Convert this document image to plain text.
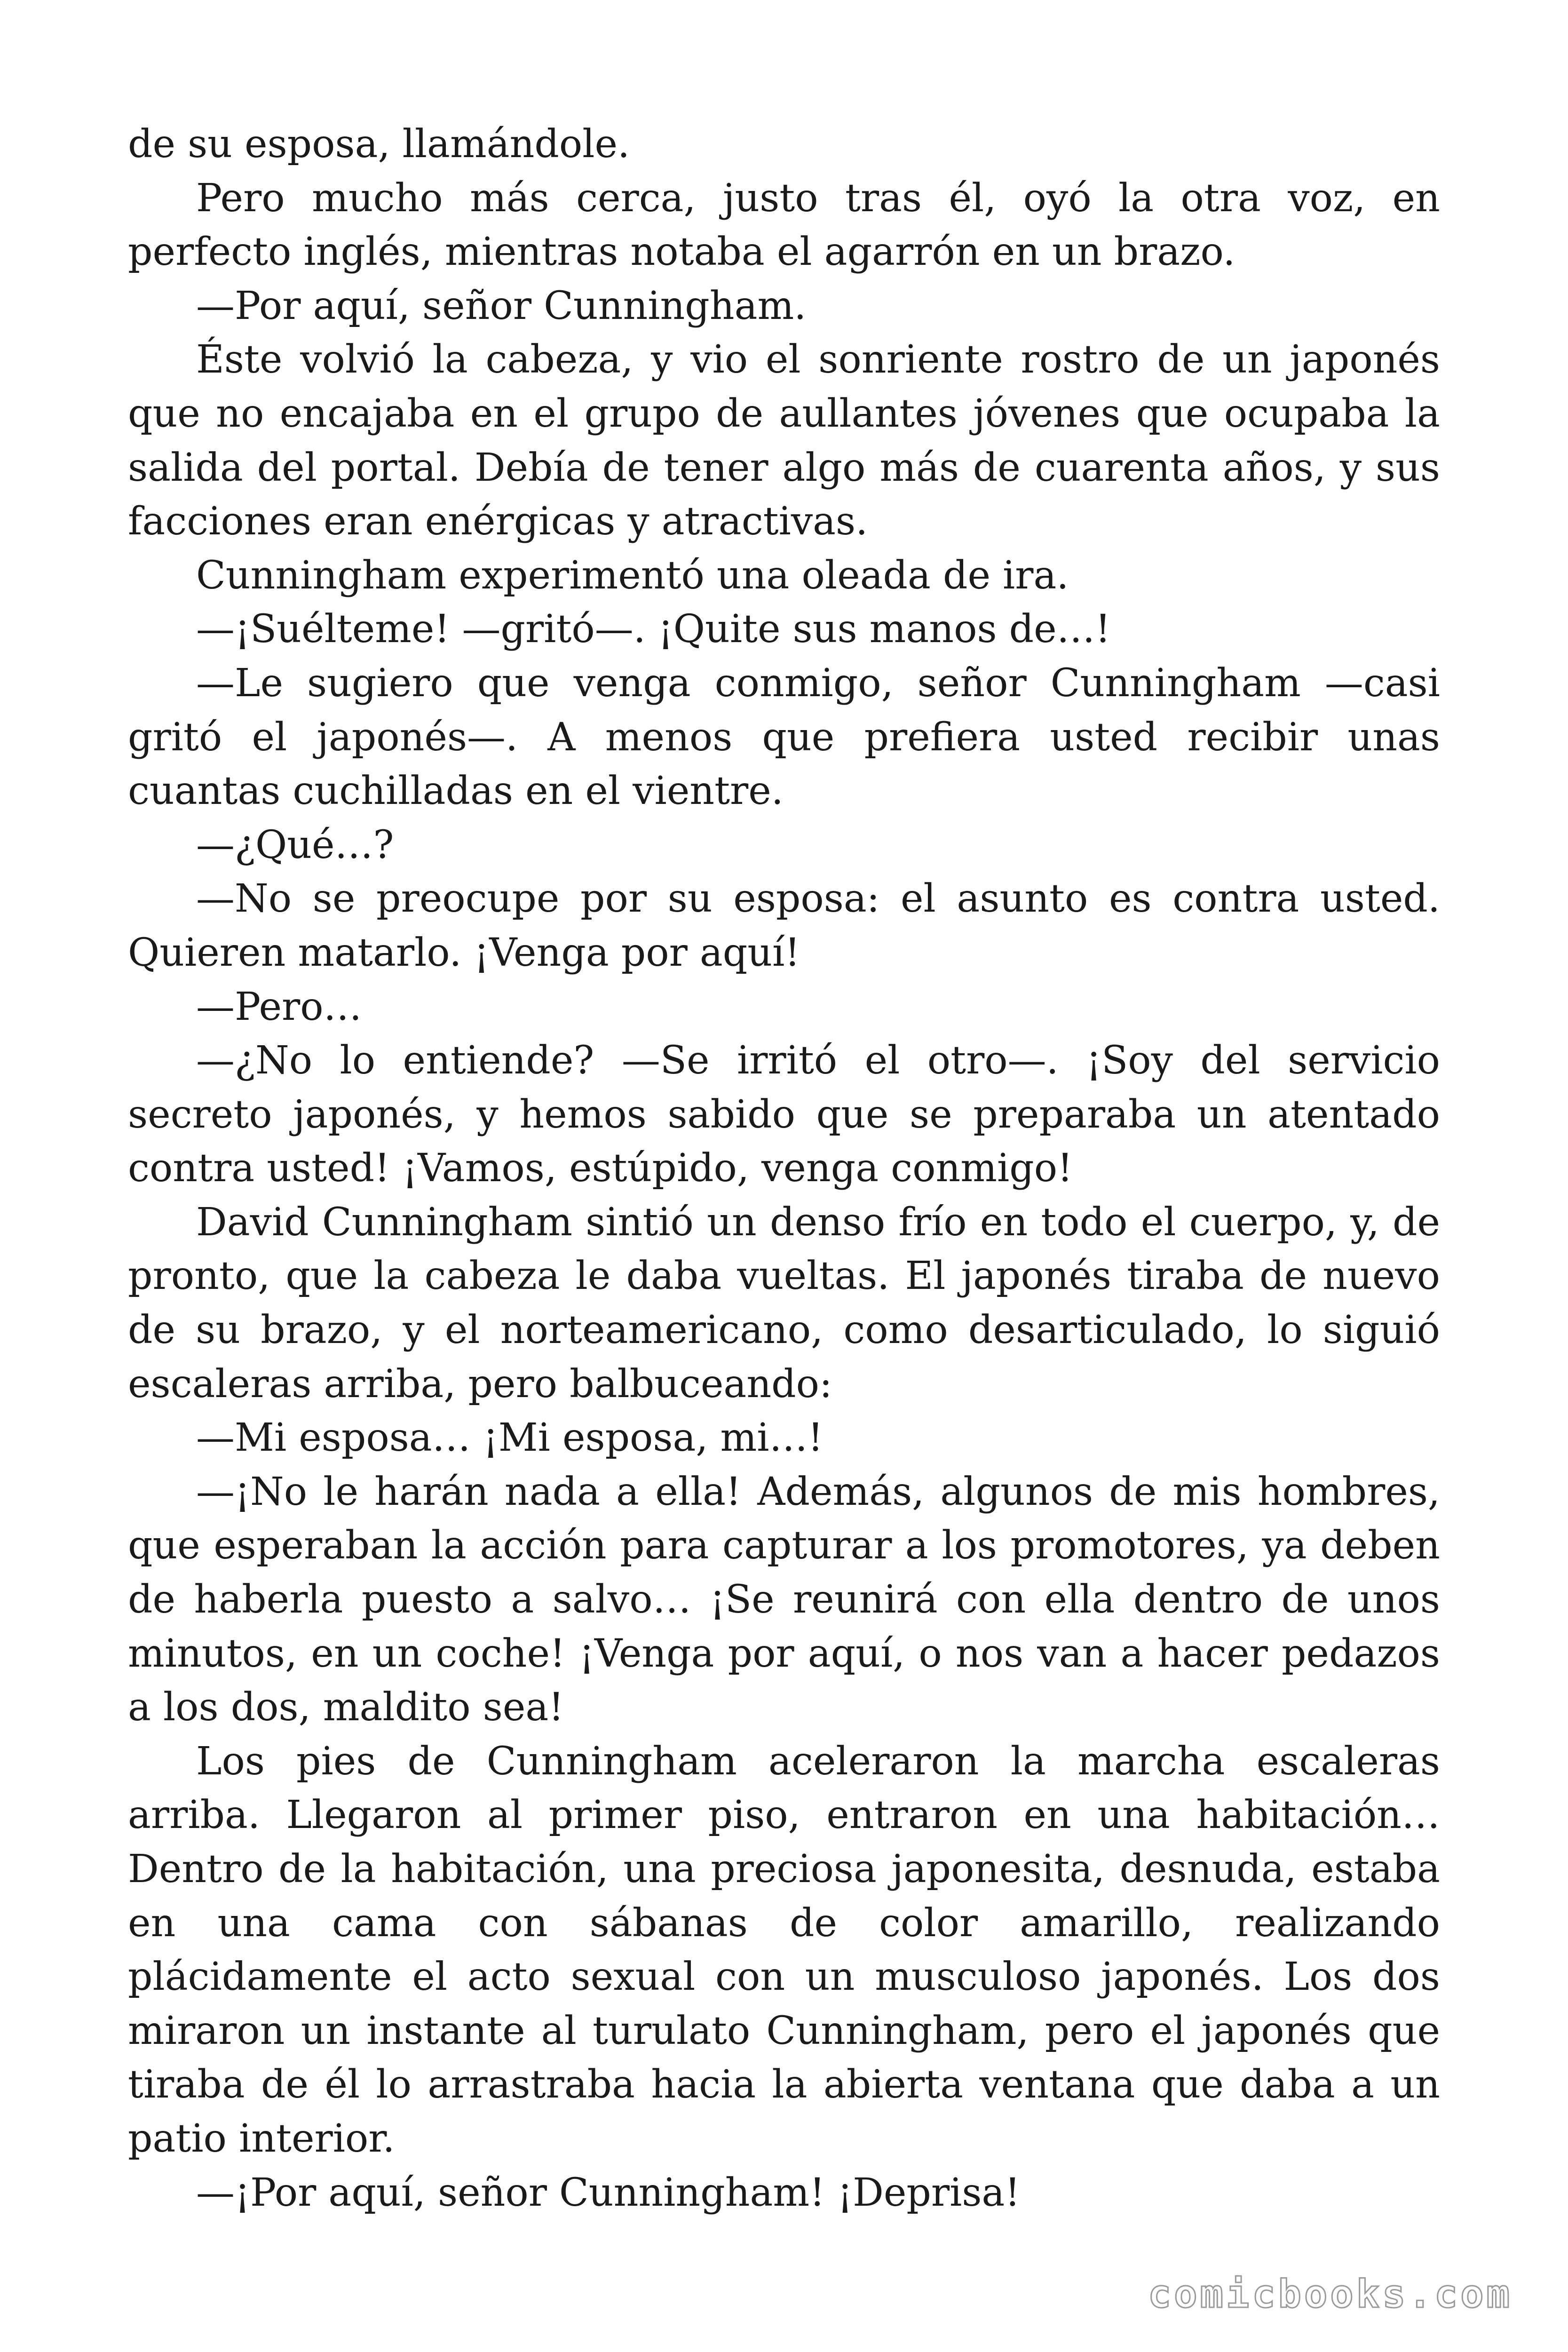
de su esposa, llamándole.

Pero mucho más cerca, justo tras él, oyó la otra voz, en perfecto inglés, mientras notaba el agarrón en un brazo.

—Por aquí, señor Cunningham.

Éste volvió la cabeza, y vio el sonriente rostro de un japonés que no encajaba en el grupo de aullantes jóvenes que ocupaba la salida del portal. Debía de tener algo más de cuarenta años, y sus facciones eran enérgicas y atractivas.

Cunningham experimentó una oleada de ira.

—¡Suélteme! —gritó—. ¡Quite sus manos de…!

—Le sugiero que venga conmigo, señor Cunningham —casi gritó el japonés—. A menos que prefiera usted recibir unas cuantas cuchilladas en el vientre.

—¿Qué…?

—No se preocupe por su esposa: el asunto es contra usted. Quieren matarlo. ¡Venga por aquí!

—Pero…

—¿No lo entiende? —Se irritó el otro—. ¡Soy del servicio secreto japonés, y hemos sabido que se preparaba un atentado contra usted! ¡Vamos, estúpido, venga conmigo!

David Cunningham sintió un denso frío en todo el cuerpo, y, de pronto, que la cabeza le daba vueltas. El japonés tiraba de nuevo de su brazo, y el norteamericano, como desarticulado, lo siguió escaleras arriba, pero balbuceando:

—Mi esposa… ¡Mi esposa, mi…!

—¡No le harán nada a ella! Además, algunos de mis hombres, que esperaban la acción para capturar a los promotores, ya deben de haberla puesto a salvo… ¡Se reunirá con ella dentro de unos minutos, en un coche! ¡Venga por aquí, o nos van a hacer pedazos a los dos, maldito sea!

Los pies de Cunningham aceleraron la marcha escaleras arriba. Llegaron al primer piso, entraron en una habitación… Dentro de la habitación, una preciosa japonesita, desnuda, estaba en una cama con sábanas de color amarillo, realizando plácidamente el acto sexual con un musculoso japonés. Los dos miraron un instante al turulato Cunningham, pero el japonés que tiraba de él lo arrastraba hacia la abierta ventana que daba a un patio interior.

—¡Por aquí, señor Cunningham! ¡Deprisa!

comicbooks.com
